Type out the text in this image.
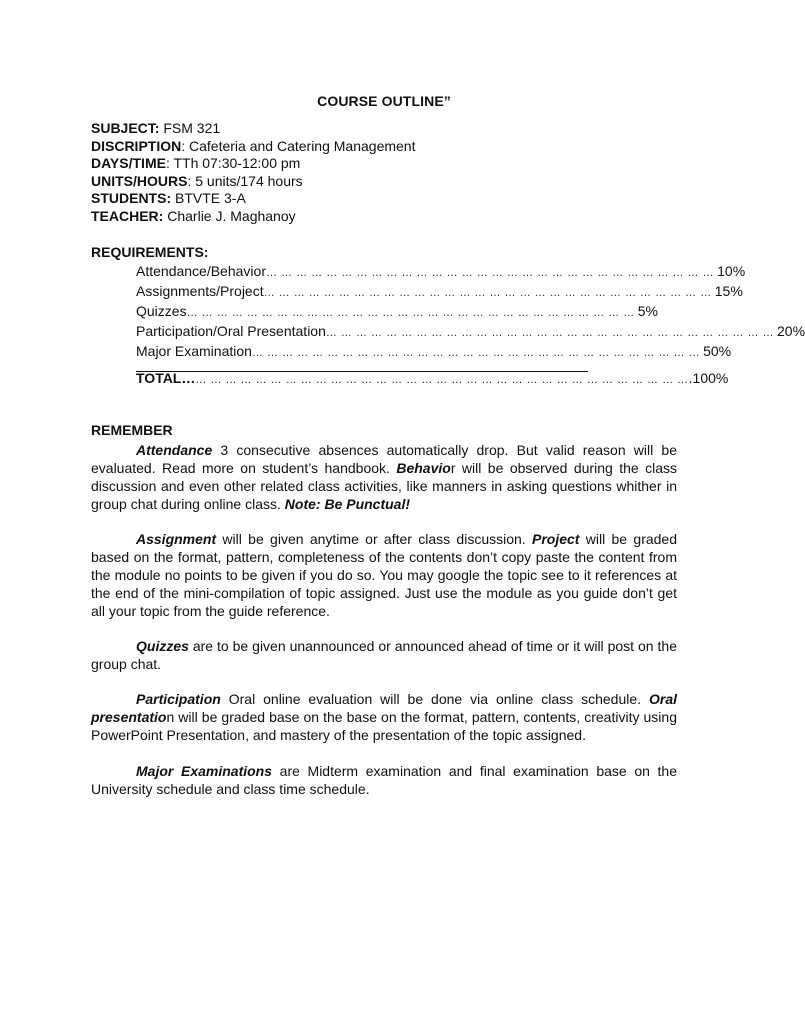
COURSE OUTLINE”
SUBJECT: FSM 321
DISCRIPTION: Cafeteria and Catering Management
DAYS/TIME: TTh 07:30-12:00 pm
UNITS/HOURS: 5 units/174 hours
STUDENTS: BTVTE 3-A
TEACHER: Charlie J. Maghanoy
REQUIREMENTS:
Attendance/Behavior … … … … … … … … … … … … … … … … … … … … … … … … … … … … … … 10%
Assignments/Project … … … … … … … … … … … … … … … … … … … … … … … … … … … … … … 15%
Quizzes … … … … … … … … … … … … … … … … … … … … … … … … … … … … … … 5%
Participation/Oral Presentation … … … … … … … … … … … … … … … … … … … … … … … … … … … … … … 20%
Major Examination … … … … … … … … … … … … … … … … … … … … … … … … … … … … … … 50%
TOTAL… … … … … … … … … … … … … … … … … … … … … … … … … … … … … … … … … … .100%
REMEMBER

Attendance 3 consecutive absences automatically drop. But valid reason will be evaluated. Read more on student’s handbook. Behavior will be observed during the class discussion and even other related class activities, like manners in asking questions whither in group chat during online class. Note: Be Punctual!

Assignment will be given anytime or after class discussion. Project will be graded based on the format, pattern, completeness of the contents don’t copy paste the content from the module no points to be given if you do so. You may google the topic see to it references at the end of the mini-compilation of topic assigned. Just use the module as you guide don’t get all your topic from the guide reference.

Quizzes are to be given unannounced or announced ahead of time or it will post on the group chat.

Participation Oral online evaluation will be done via online class schedule. Oral presentation will be graded base on the base on the format, pattern, contents, creativity using PowerPoint Presentation, and mastery of the presentation of the topic assigned.

Major Examinations are Midterm examination and final examination base on the University schedule and class time schedule.
